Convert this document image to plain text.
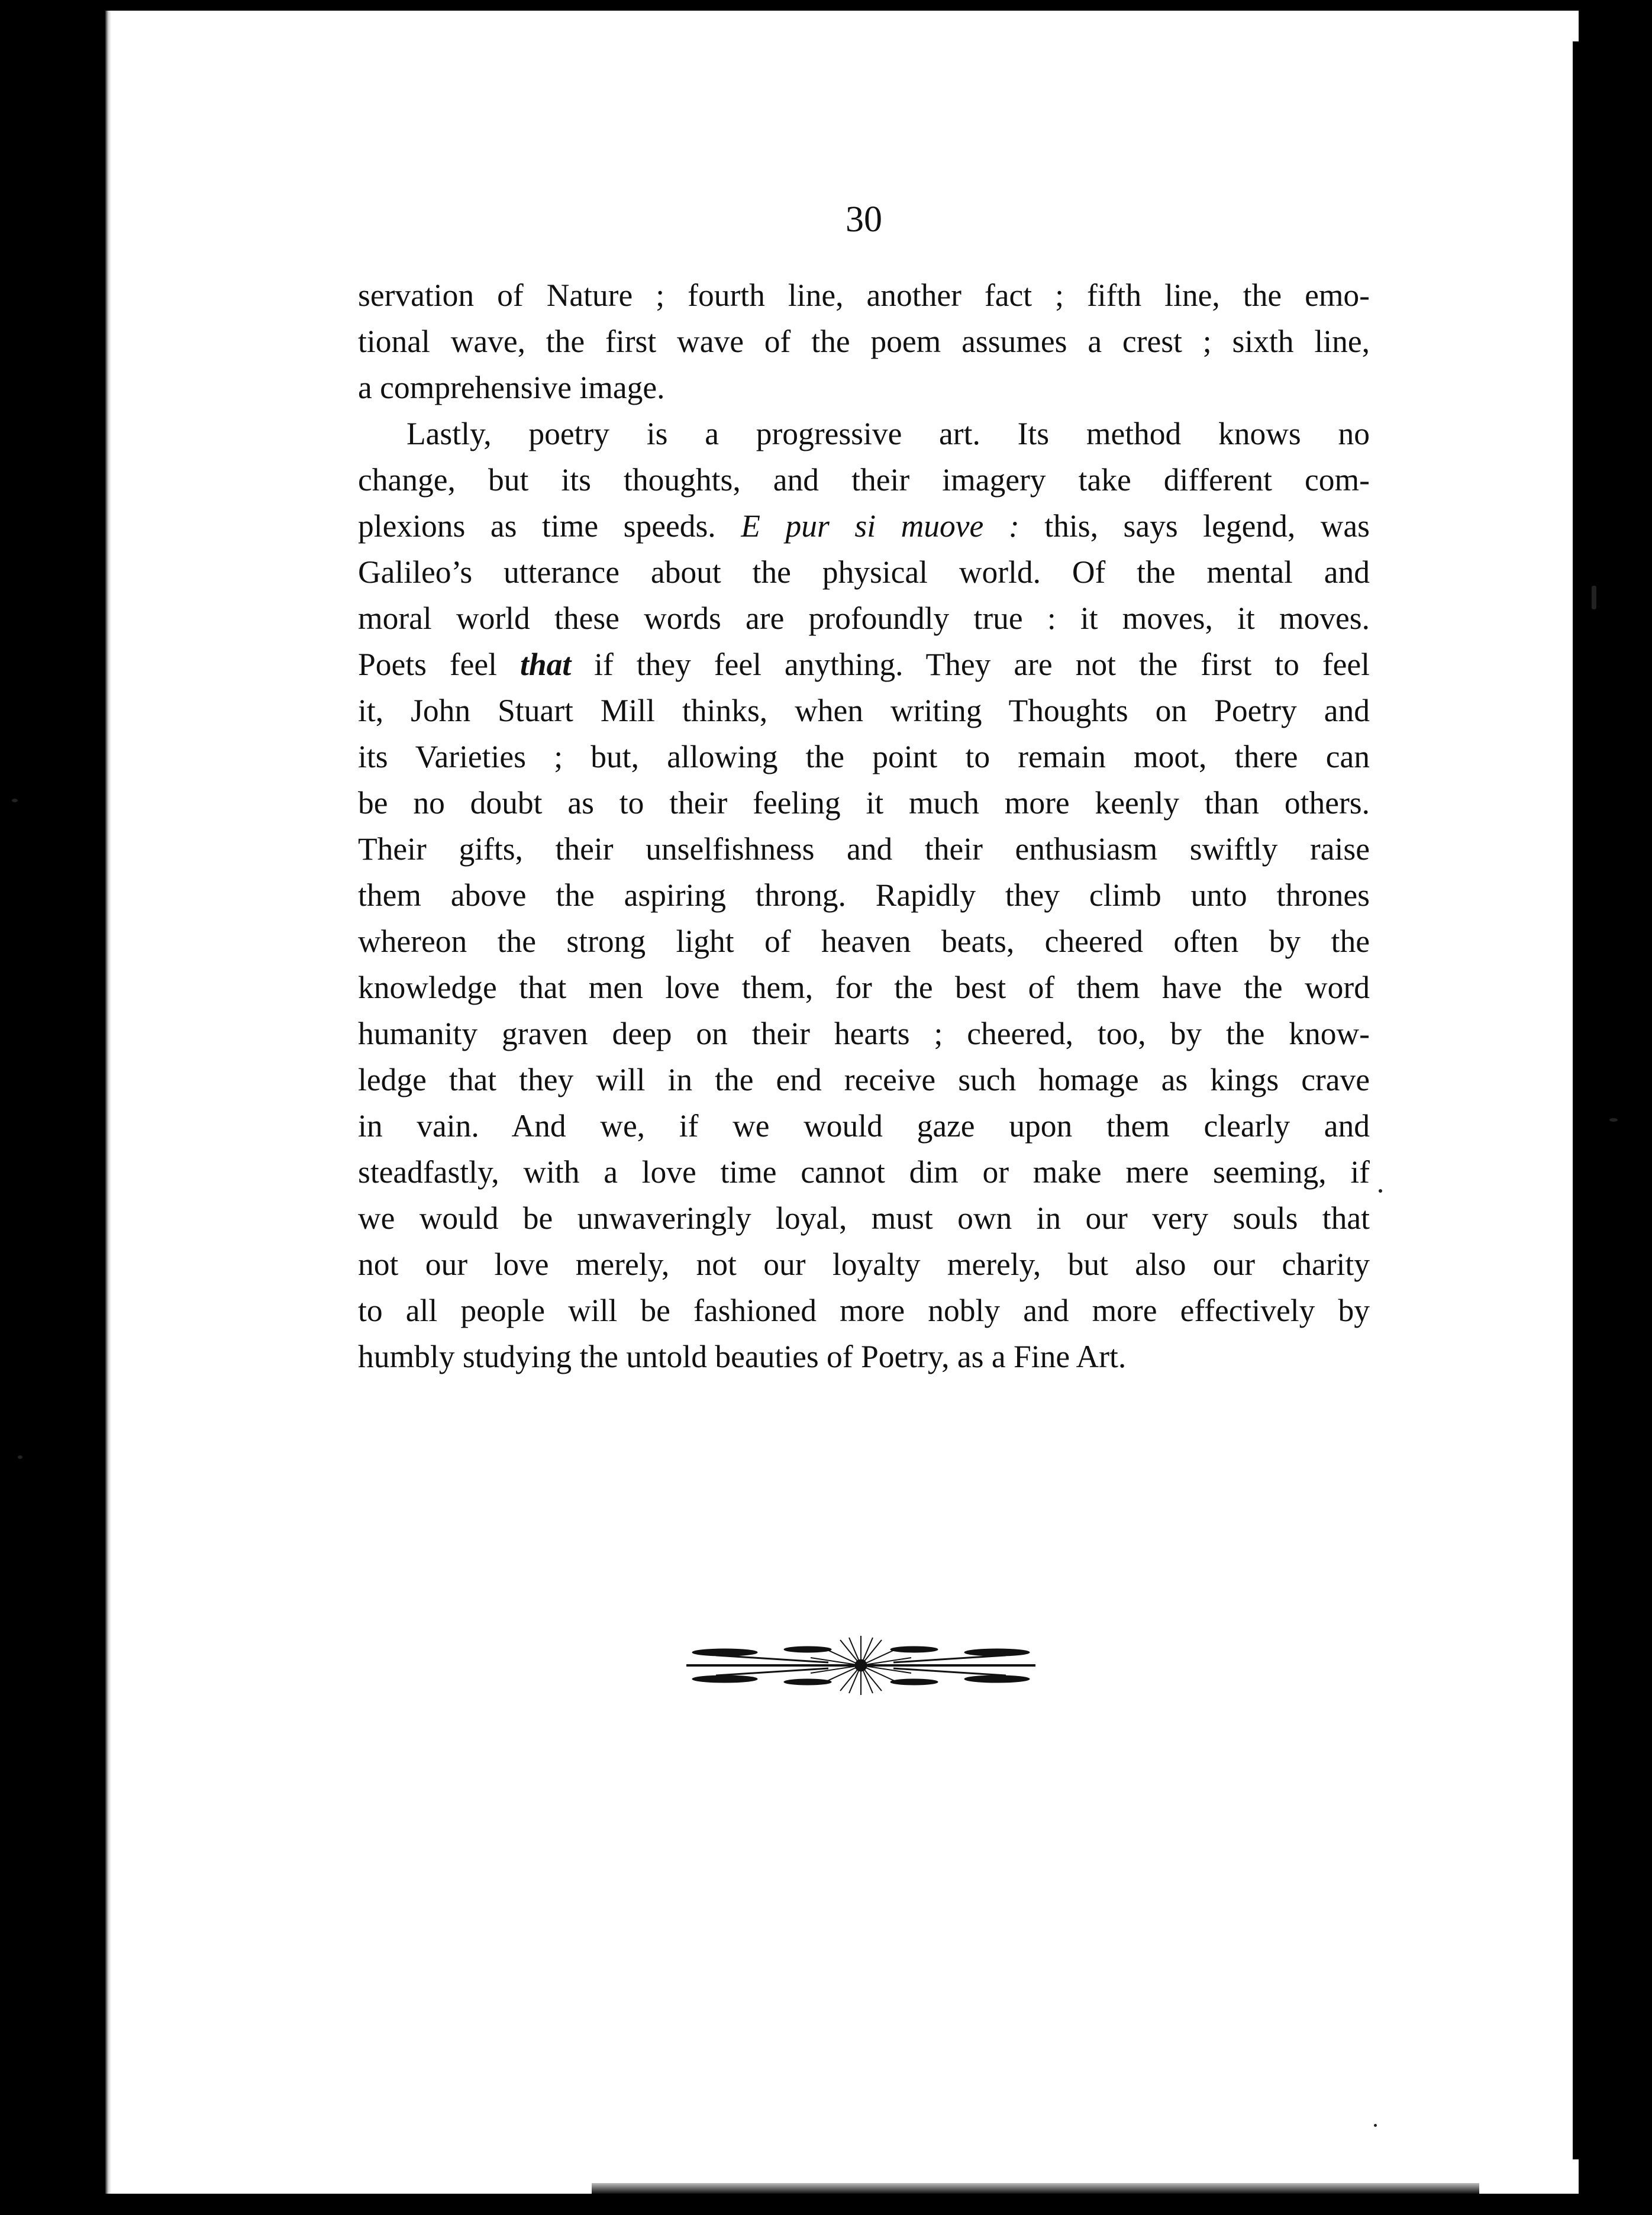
30
servation of Nature ; fourth line, another fact ; fifth line, the emo-
tional wave, the first wave of the poem assumes a crest ; sixth line,
a comprehensive image.
Lastly, poetry is a progressive art. Its method knows no
change, but its thoughts, and their imagery take different com-
plexions as time speeds. E pur si muove : this, says legend, was
Galileo’s utterance about the physical world. Of the mental and
moral world these words are profoundly true : it moves, it moves.
Poets feel that if they feel anything. They are not the first to feel
it, John Stuart Mill thinks, when writing Thoughts on Poetry and
its Varieties ; but, allowing the point to remain moot, there can
be no doubt as to their feeling it much more keenly than others.
Their gifts, their unselfishness and their enthusiasm swiftly raise
them above the aspiring throng. Rapidly they climb unto thrones
whereon the strong light of heaven beats, cheered often by the
knowledge that men love them, for the best of them have the word
humanity graven deep on their hearts ; cheered, too, by the know-
ledge that they will in the end receive such homage as kings crave
in vain. And we, if we would gaze upon them clearly and
steadfastly, with a love time cannot dim or make mere seeming, if
we would be unwaveringly loyal, must own in our very souls that
not our love merely, not our loyalty merely, but also our charity
to all people will be fashioned more nobly and more effectively by
humbly studying the untold beauties of Poetry, as a Fine Art.
